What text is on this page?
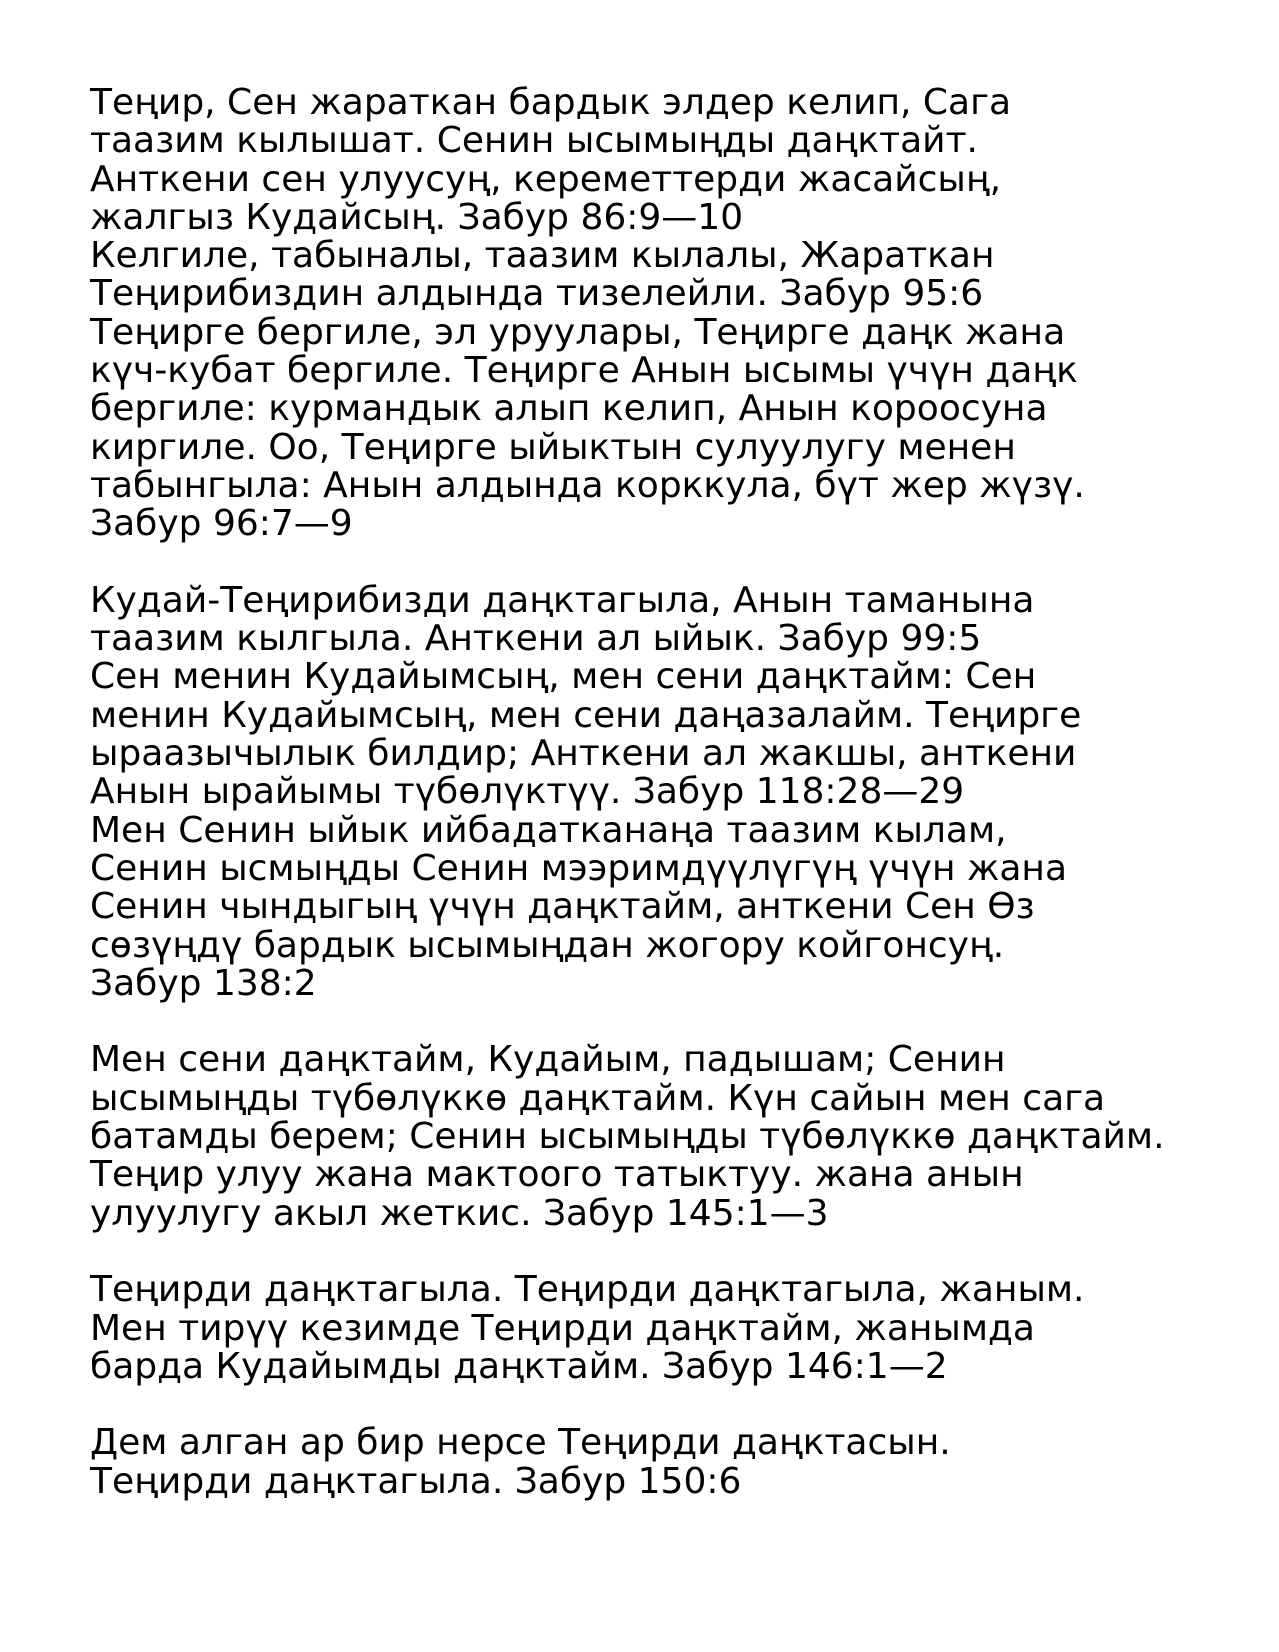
Теңир, Сен жараткан бардык элдер келип, Сага
таазим кылышат. Сенин ысымыңды даңктайт.
Анткени сен улуусуң, кереметтерди жасайсың,
жалгыз Кудайсың. Забур 86:9—10
Келгиле, табыналы, таазим кылалы, Жараткан
Теңирибиздин алдында тизелейли. Забур 95:6
Теңирге бергиле, эл уруулары, Теңирге даңк жана
күч-кубат бергиле. Теңирге Анын ысымы үчүн даңк
бергиле: курмандык алып келип, Анын короосуна
киргиле. Оо, Теңирге ыйыктын сулуулугу менен
табынгыла: Анын алдында корккула, бүт жер жүзү.
Забур 96:7—9
Кудай-Теңирибизди даңктагыла, Анын таманына
таазим кылгыла. Анткени ал ыйык. Забур 99:5
Сен менин Кудайымсың, мен сени даңктайм: Сен
менин Кудайымсың, мен сени даңазалайм. Теңирге
ыраазычылык билдир; Анткени ал жакшы, анткени
Анын ырайымы түбөлүктүү. Забур 118:28—29
Мен Сенин ыйык ийбадатканаңа таазим кылам,
Сенин ысмыңды Сенин мээримдүүлүгүң үчүн жана
Сенин чындыгың үчүн даңктайм, анткени Сен Өз
сөзүңдү бардык ысымыңдан жогору койгонсуң.
Забур 138:2
Мен сени даңктайм, Кудайым, падышам; Сенин
ысымыңды түбөлүккө даңктайм. Күн сайын мен сага
батамды берем; Сенин ысымыңды түбөлүккө даңктайм.
Теңир улуу жана мактоого татыктуу. жана анын
улуулугу акыл жеткис. Забур 145:1—3
Теңирди даңктагыла. Теңирди даңктагыла, жаным.
Мен тирүү кезимде Теңирди даңктайм, жанымда
барда Кудайымды даңктайм. Забур 146:1—2
Дем алган ар бир нерсе Теңирди даңктасын.
Теңирди даңктагыла. Забур 150:6
